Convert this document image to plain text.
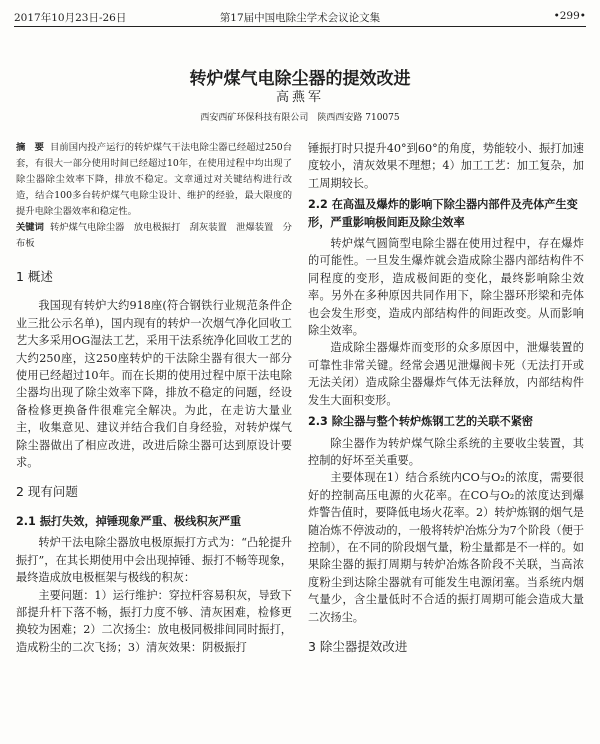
2017年10月23日-26日	第17届中国电除尘学术会议论文集	•299•
转炉煤气电除尘器的提效改进
高燕军
西安西矿环保科技有限公司　陕西西安路 710075

摘　要 目前国内投产运行的转炉煤气干法电除尘器已经超过250台套，有很大一部分使用时间已经超过10年，在使用过程中均出现了除尘器除尘效率下降，排放不稳定。文章通过对关键结构进行改造，结合100多台转炉煤气电除尘设计、维护的经验，最大限度的提升电除尘器效率和稳定性。

关键词 转炉煤气电除尘器　放电极振打　刮灰装置　泄爆装置　分布板

1 概述

我国现有转炉大约918座(符合钢铁行业规范条件企业三批公示名单)，国内现有的转炉一次烟气净化回收工艺大多采用OG湿法工艺，采用干法系统净化回收工艺的大约250座，这250座转炉的干法除尘器有很大一部分使用已经超过10年。而在长期的使用过程中原干法电除尘器均出现了除尘效率下降，排放不稳定的问题，经设备检修更换备件很难完全解决。为此，在走访大量业主，收集意见、建议并结合我们自身经验，对转炉煤气除尘器做出了相应改进，改进后除尘器可达到原设计要求。

2 现有问题
2.1 振打失效，掉锤现象严重、极线积灰严重

转炉干法电除尘器放电极原振打方式为：“凸轮提升振打”，在其长期使用中会出现掉锤、振打不畅等现象，最终造成放电极框架与极线的积灰：

主要问题：1）运行维护：穿拉杆容易积灰，导致下部提升杆下落不畅，振打力度不够、清灰困难，检修更换较为困难；2）二次扬尘：放电极同极排间同时振打，造成粉尘的二次飞扬；3）清灰效果：阴极振打

锤振打时只提升40°到60°的角度，势能较小、振打加速度较小，清灰效果不理想；4）加工工艺：加工复杂，加工周期较长。

2.2 在高温及爆炸的影响下除尘器内部件及壳体产生变形，严重影响极间距及除尘效率

转炉煤气圆筒型电除尘器在使用过程中，存在爆炸的可能性。一旦发生爆炸就会造成除尘器内部结构件不同程度的变形，造成极间距的变化，最终影响除尘效率。另外在多种原因共同作用下，除尘器环形梁和壳体也会发生形变，造成内部结构件的间距改变。从而影响除尘效率。

造成除尘器爆炸而变形的众多原因中，泄爆装置的可靠性非常关键。经常会遇见泄爆阀卡死（无法打开或无法关闭）造成除尘器爆炸气体无法释放，内部结构件发生大面积变形。

2.3 除尘器与整个转炉炼钢工艺的关联不紧密

除尘器作为转炉煤气除尘系统的主要收尘装置，其控制的好坏至关重要。

主要体现在1）结合系统内CO与O₂的浓度，需要很好的控制高压电源的火花率。在CO与O₂的浓度达到爆炸警告值时，要降低电场火花率。2）转炉炼钢的烟气是随冶炼不停波动的，一般将转炉冶炼分为7个阶段（便于控制），在不同的阶段烟气量，粉尘量都是不一样的。如果除尘器的振打周期与转炉冶炼各阶段不关联，当高浓度粉尘到达除尘器就有可能发生电源闭塞。当系统内烟气量少，含尘量低时不合适的振打周期可能会造成大量二次扬尘。

3 除尘器提效改进
